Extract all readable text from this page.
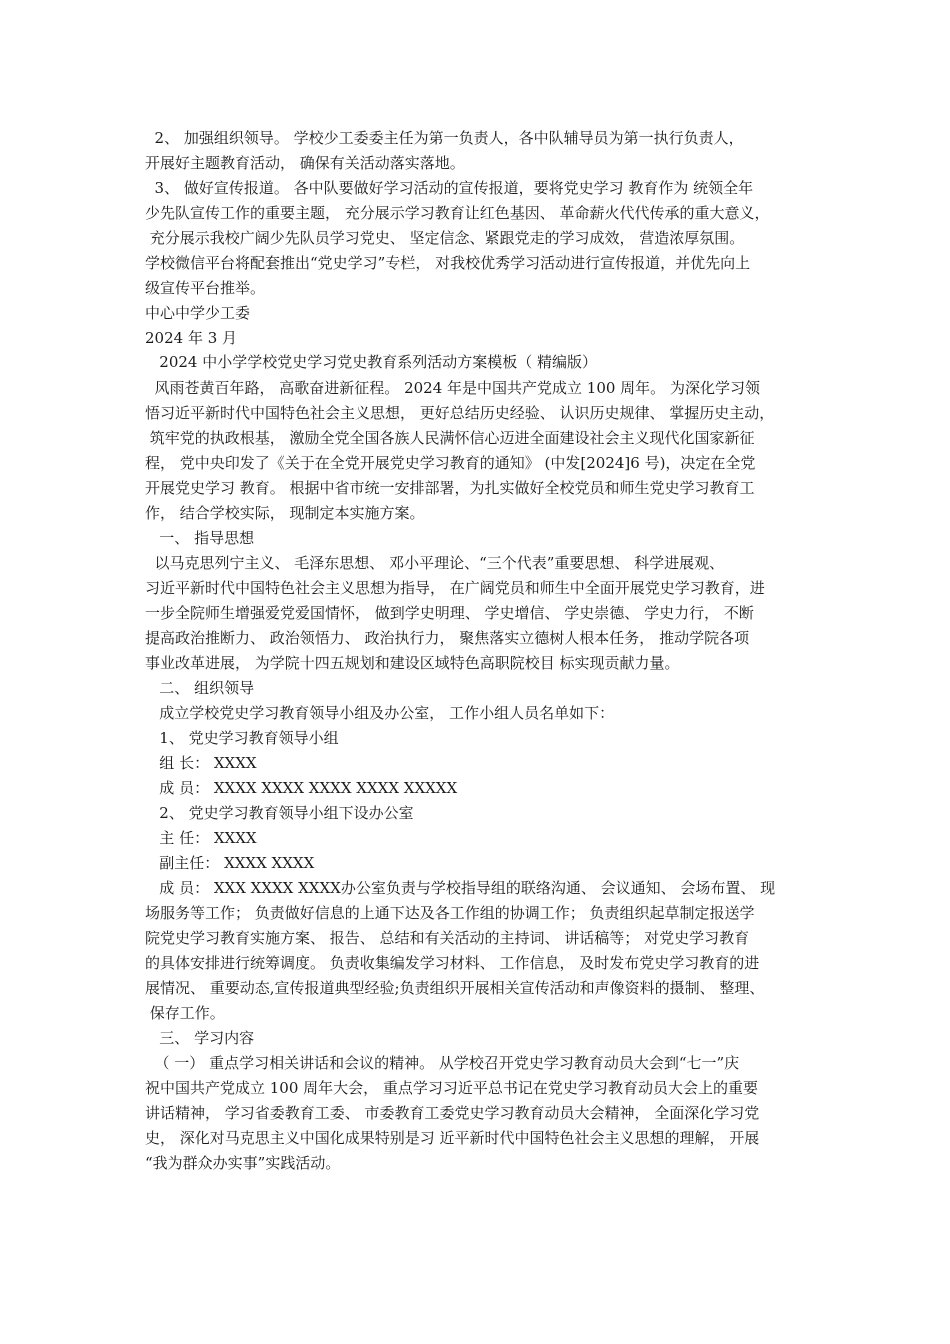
2、 加强组织领导。 学校少工委委主任为第一负责人，各中队辅导员为第一执行负责人，
开展好主题教育活动， 确保有关活动落实落地。
3、 做好宣传报道。 各中队要做好学习活动的宣传报道，要将党史学习 教育作为 统领全年
少先队宣传工作的重要主题， 充分展示学习教育让红色基因、 革命薪火代代传承的重大意义，
充分展示我校广阔少先队员学习党史、 坚定信念、紧跟党走的学习成效， 营造浓厚氛围。
学校微信平台将配套推出“党史学习”专栏， 对我校优秀学习活动进行宣传报道，并优先向上
级宣传平台推举。
中心中学少工委
2024 年 3 月
2024 中小学学校党史学习党史教育系列活动方案模板（ 精编版）
风雨苍黄百年路， 高歌奋进新征程。 2024 年是中国共产党成立 100 周年。 为深化学习领
悟习近平新时代中国特色社会主义思想， 更好总结历史经验、 认识历史规律、 掌握历史主动，
筑牢党的执政根基， 激励全党全国各族人民满怀信心迈进全面建设社会主义现代化国家新征
程， 党中央印发了《关于在全党开展党史学习教育的通知》 (中发[2024]6 号)，决定在全党
开展党史学习 教育。 根据中省市统一安排部署，为扎实做好全校党员和师生党史学习教育工
作， 结合学校实际， 现制定本实施方案。
一、 指导思想
以马克思列宁主义、 毛泽东思想、 邓小平理论、“三个代表”重要思想、 科学进展观、
习近平新时代中国特色社会主义思想为指导， 在广阔党员和师生中全面开展党史学习教育，进
一步全院师生增强爱党爱国情怀， 做到学史明理、 学史增信、 学史崇德、 学史力行， 不断
提高政治推断力、 政治领悟力、 政治执行力， 聚焦落实立德树人根本任务， 推动学院各项
事业改革进展， 为学院十四五规划和建设区域特色高职院校目 标实现贡献力量。
二、 组织领导
成立学校党史学习教育领导小组及办公室， 工作小组人员名单如下：
1、 党史学习教育领导小组
组 长： XXXX
成 员： XXXX XXXX XXXX XXXX XXXXX
2、 党史学习教育领导小组下设办公室
主 任： XXXX
副主任： XXXX XXXX
成 员： XXX XXXX XXXX办公室负责与学校指导组的联络沟通、 会议通知、 会场布置、 现
场服务等工作； 负责做好信息的上通下达及各工作组的协调工作； 负责组织起草制定报送学
院党史学习教育实施方案、 报告、 总结和有关活动的主持词、 讲话稿等； 对党史学习教育
的具体安排进行统筹调度。 负责收集编发学习材料、 工作信息， 及时发布党史学习教育的进
展情况、 重要动态,宣传报道典型经验;负责组织开展相关宣传活动和声像资料的摄制、 整理、
保存工作。
三、 学习内容
（ 一） 重点学习相关讲话和会议的精神。 从学校召开党史学习教育动员大会到“七一”庆
祝中国共产党成立 100 周年大会， 重点学习习近平总书记在党史学习教育动员大会上的重要
讲话精神， 学习省委教育工委、 市委教育工委党史学习教育动员大会精神， 全面深化学习党
史， 深化对马克思主义中国化成果特别是习 近平新时代中国特色社会主义思想的理解， 开展
“我为群众办实事”实践活动。
